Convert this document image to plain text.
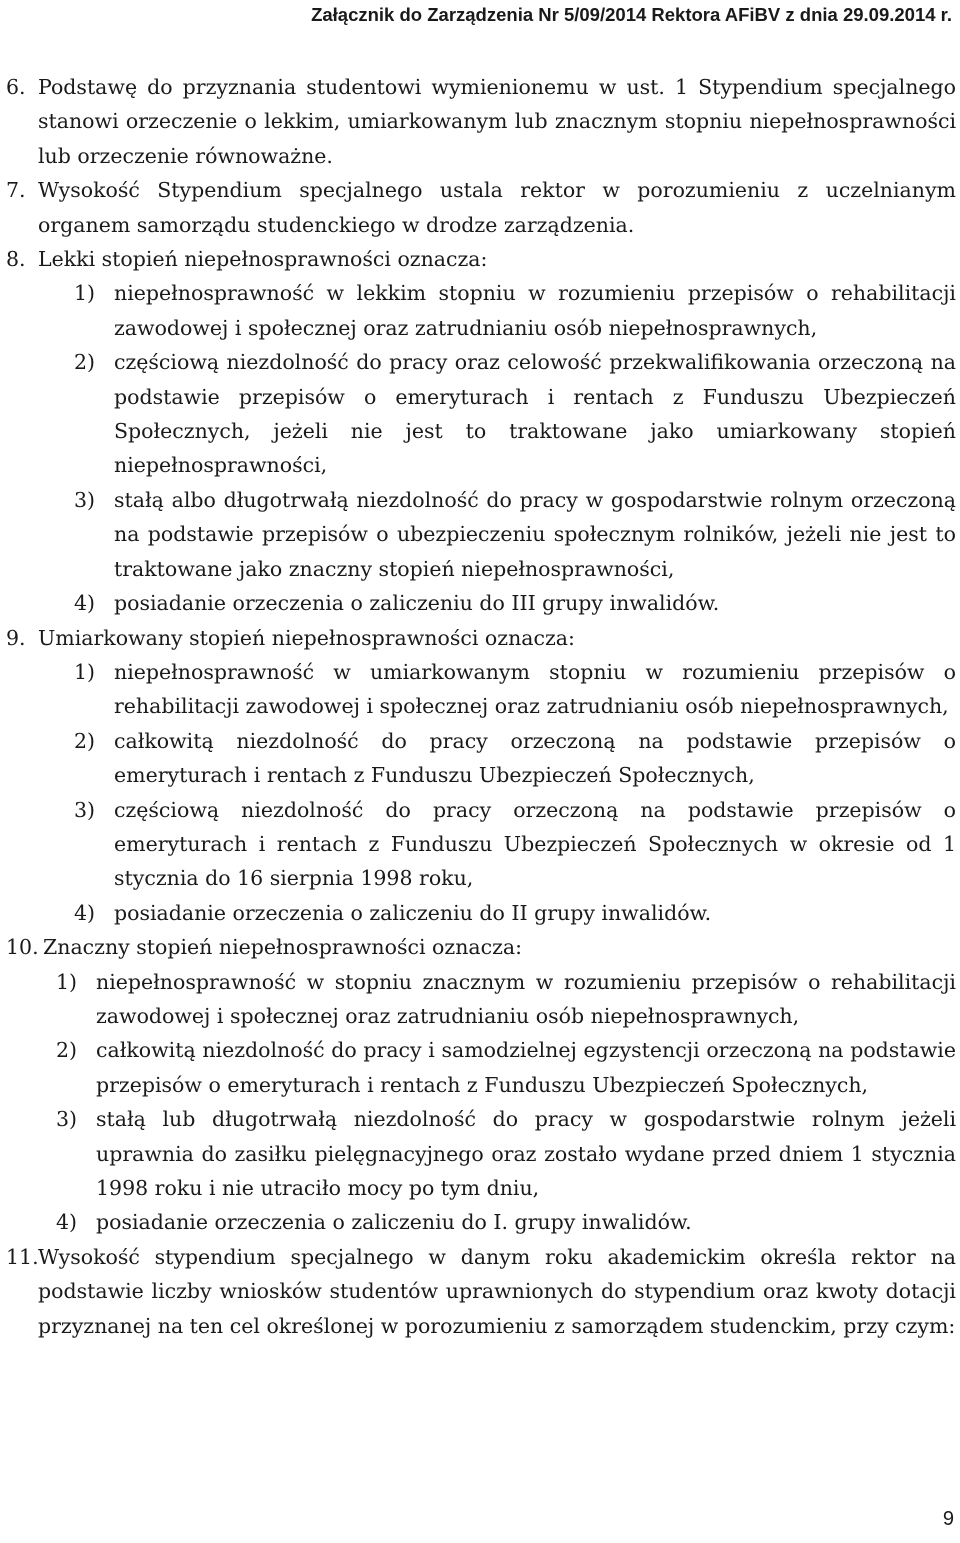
Załącznik do Zarządzenia Nr 5/09/2014 Rektora AFiBV z dnia 29.09.2014 r.
6. Podstawę do przyznania studentowi wymienionemu w ust. 1 Stypendium specjalnego stanowi orzeczenie o lekkim, umiarkowanym lub znacznym stopniu niepełnosprawności lub orzeczenie równoważne.
7. Wysokość Stypendium specjalnego ustala rektor w porozumieniu z uczelnianym organem samorządu studenckiego w drodze zarządzenia.
8. Lekki stopień niepełnosprawności oznacza:
1) niepełnosprawność w lekkim stopniu w rozumieniu przepisów o rehabilitacji zawodowej i społecznej oraz zatrudnianiu osób niepełnosprawnych,
2) częściową niezdolność do pracy oraz celowość przekwalifikowania orzeczoną na podstawie przepisów o emeryturach i rentach z Funduszu Ubezpieczeń Społecznych, jeżeli nie jest to traktowane jako umiarkowany stopień niepełnosprawności,
3) stałą albo długotrwałą niezdolność do pracy w gospodarstwie rolnym orzeczoną na podstawie przepisów o ubezpieczeniu społecznym rolników, jeżeli nie jest to traktowane jako znaczny stopień niepełnosprawności,
4) posiadanie orzeczenia o zaliczeniu do III grupy inwalidów.
9. Umiarkowany stopień niepełnosprawności oznacza:
1) niepełnosprawność w umiarkowanym stopniu w rozumieniu przepisów o rehabilitacji zawodowej i społecznej oraz zatrudnianiu osób niepełnosprawnych,
2) całkowitą niezdolność do pracy orzeczoną na podstawie przepisów o emeryturach i rentach z Funduszu Ubezpieczeń Społecznych,
3) częściową niezdolność do pracy orzeczoną na podstawie przepisów o emeryturach i rentach z Funduszu Ubezpieczeń Społecznych w okresie od 1 stycznia do 16 sierpnia 1998 roku,
4) posiadanie orzeczenia o zaliczeniu do II grupy inwalidów.
10. Znaczny stopień niepełnosprawności oznacza:
1) niepełnosprawność w stopniu znacznym w rozumieniu przepisów o rehabilitacji zawodowej i społecznej oraz zatrudnianiu osób niepełnosprawnych,
2) całkowitą niezdolność do pracy i samodzielnej egzystencji orzeczoną na podstawie przepisów o emeryturach i rentach z Funduszu Ubezpieczeń Społecznych,
3) stałą lub długotrwałą niezdolność do pracy w gospodarstwie rolnym jeżeli uprawnia do zasiłku pielęgnacyjnego oraz zostało wydane przed dniem 1 stycznia 1998 roku i nie utraciło mocy po tym dniu,
4) posiadanie orzeczenia o zaliczeniu do I. grupy inwalidów.
11. Wysokość stypendium specjalnego w danym roku akademickim określa rektor na podstawie liczby wniosków studentów uprawnionych do stypendium oraz kwoty dotacji przyznanej na ten cel określonej w porozumieniu z samorządem studenckim, przy czym:
9
